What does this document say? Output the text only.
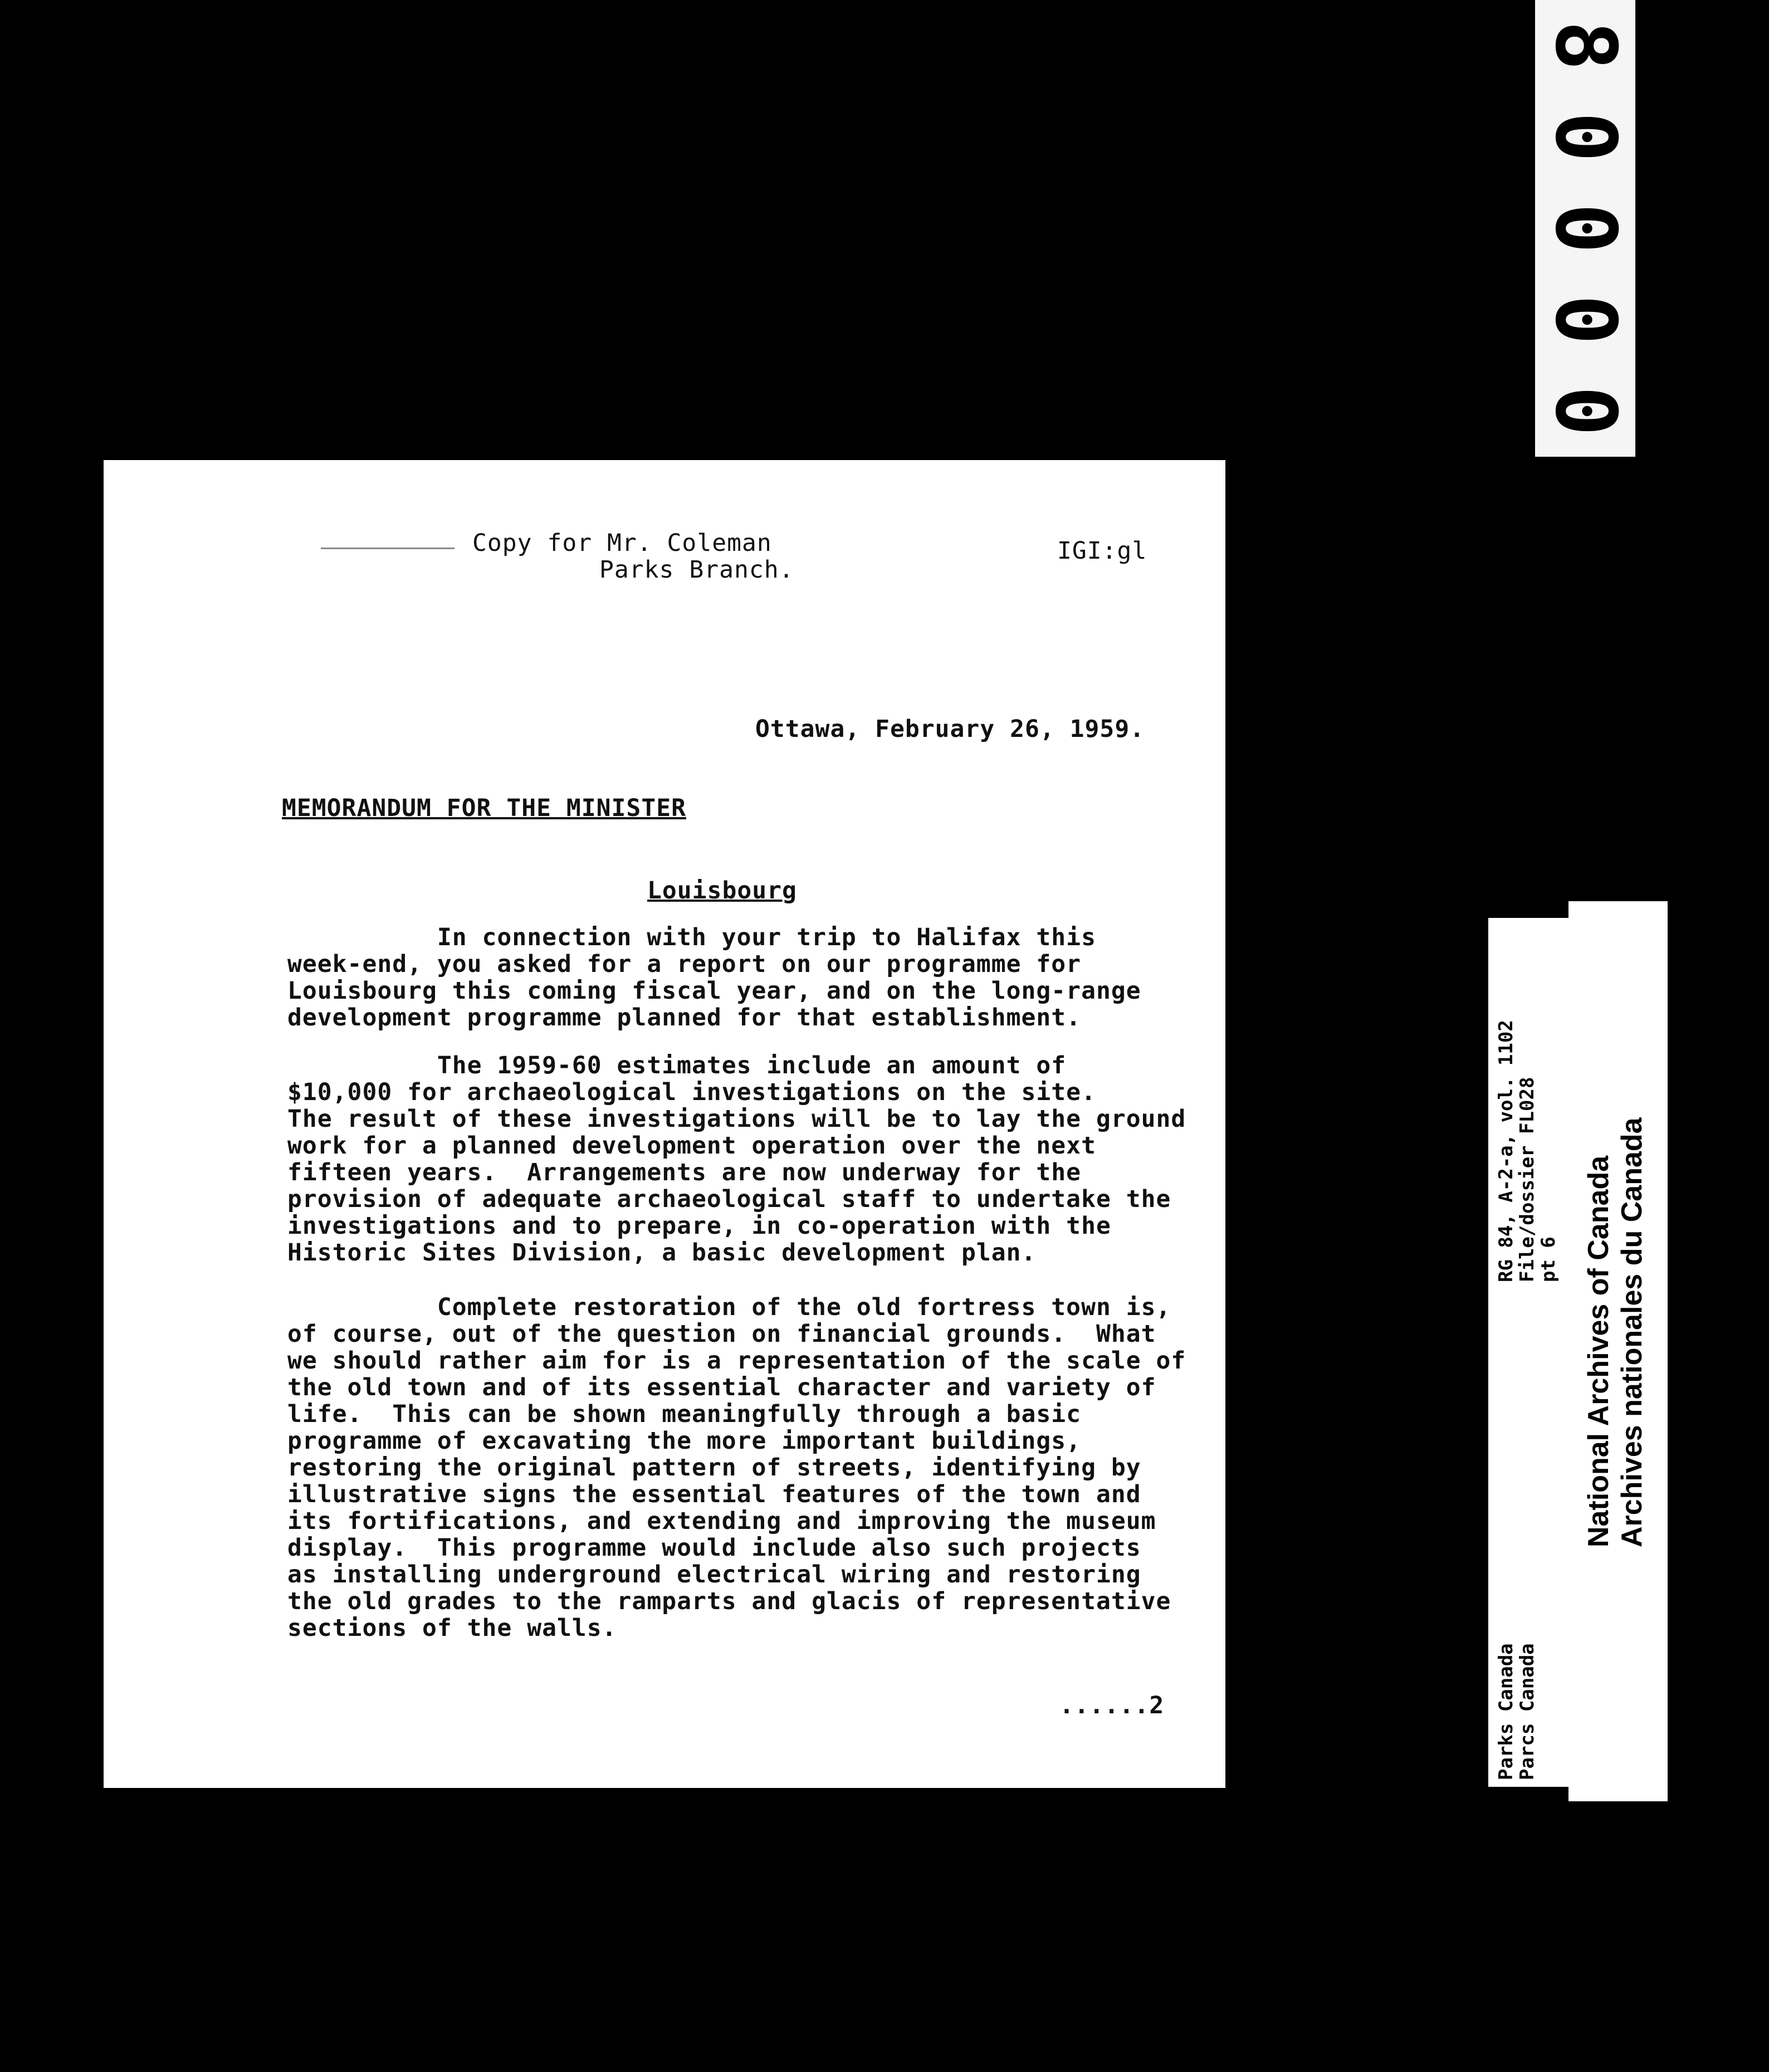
8
0
0
0
0
Copy for Mr. Coleman
Parks Branch.
IGI:gl
Ottawa, February 26, 1959.
MEMORANDUM FOR THE MINISTER
Louisbourg

In connection with your trip to Halifax this
week-end, you asked for a report on our programme for
Louisbourg this coming fiscal year, and on the long-range
development programme planned for that establishment.

The 1959-60 estimates include an amount of
$10,000 for archaeological investigations on the site.
The result of these investigations will be to lay the ground
work for a planned development operation over the next
fifteen years.  Arrangements are now underway for the
provision of adequate archaeological staff to undertake the
investigations and to prepare, in co-operation with the
Historic Sites Division, a basic development plan.

Complete restoration of the old fortress town is,
of course, out of the question on financial grounds.  What
we should rather aim for is a representation of the scale of
the old town and of its essential character and variety of
life.  This can be shown meaningfully through a basic
programme of excavating the more important buildings,
restoring the original pattern of streets, identifying by
illustrative signs the essential features of the town and
its fortifications, and extending and improving the museum
display.  This programme would include also such projects
as installing underground electrical wiring and restoring
the old grades to the ramparts and glacis of representative
sections of the walls.

......2	Parks Canada
Parcs Canada
RG 84, A-2-a, vol. 1102
File/dossier FL028
pt 6 National Archives of Canada Archives nationales du Canada
